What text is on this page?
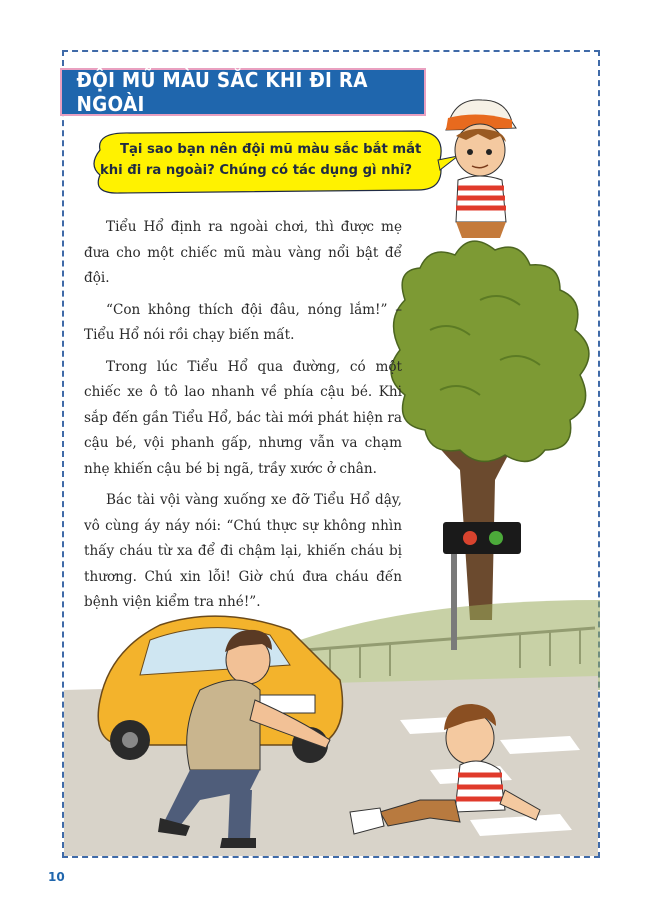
ĐỘI MŨ MÀU SẮC KHI ĐI RA NGOÀI
Tại sao bạn nên đội mũ màu sắc bắt mắt
khi đi ra ngoài? Chúng có tác dụng gì nhỉ?

Tiểu Hổ định ra ngoài chơi, thì được mẹ đưa cho một chiếc mũ màu vàng nổi bật để đội.

“Con không thích đội đâu, nóng lắm!” – Tiểu Hổ nói rồi chạy biến mất.

Trong lúc Tiểu Hổ qua đường, có một chiếc xe ô tô lao nhanh về phía cậu bé. Khi sắp đến gần Tiểu Hổ, bác tài mới phát hiện ra cậu bé, vội phanh gấp, nhưng vẫn va chạm nhẹ khiến cậu bé bị ngã, trầy xước ở chân.

Bác tài vội vàng xuống xe đỡ Tiểu Hổ dậy, vô cùng áy náy nói: “Chú thực sự không nhìn thấy cháu từ xa để đi chậm lại, khiến cháu bị thương. Chú xin lỗi! Giờ chú đưa cháu đến bệnh viện kiểm tra nhé!”.

10
